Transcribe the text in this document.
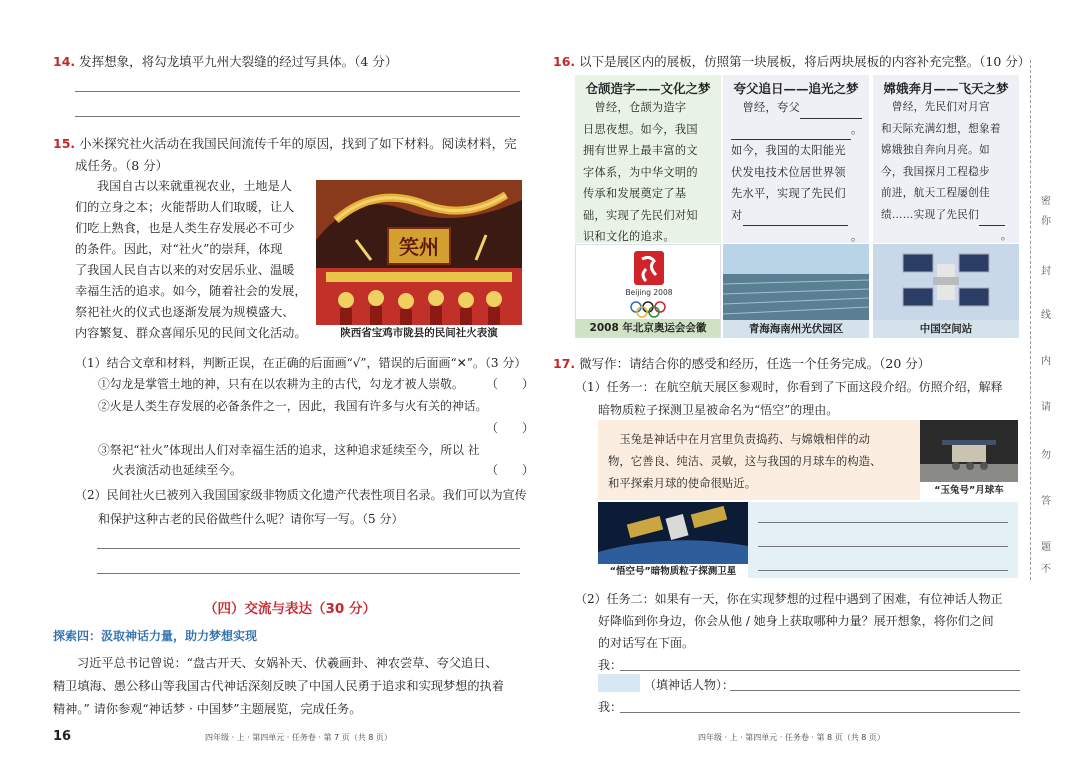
14. 发挥想象，将勾龙填平九州大裂缝的经过写具体。（4 分）
15. 小米探究社火活动在我国民间流传千年的原因，找到了如下材料。阅读材料，完
成任务。（8 分）
我国自古以来就重视农业，土地是人
们的立身之本；火能帮助人们取暖，让人
们吃上熟食，也是人类生存发展必不可少
的条件。因此，对“社火”的崇拜，体现
了我国人民自古以来的对安居乐业、温暖
幸福生活的追求。如今，随着社会的发展，
祭祀社火的仪式也逐渐发展为规模盛大、
内容繁复、群众喜闻乐见的民间文化活动。
笑州
陕西省宝鸡市陇县的民间社火表演
（1）结合文章和材料，判断正误，在正确的后面画“√”，错误的后面画“✕”。（3 分）
①勾龙是掌管土地的神，只有在以农耕为主的古代，勾龙才被人崇敬。 （　　）
②火是人类生存发展的必备条件之一，因此，我国有许多与火有关的神话。
（　　）
③祭祀“社火”体现出人们对幸福生活的追求，这种追求延续至今，所以 社
火表演活动也延续至今。	（　　）
（2）民间社火已被列入我国国家级非物质文化遗产代表性项目名录。我们可以为宣传
和保护这种古老的民俗做些什么呢？请你写一写。（5 分）
（四）交流与表达（30 分）
探索四：汲取神话力量，助力梦想实现
习近平总书记曾说：“盘古开天、女娲补天、伏羲画卦、神农尝草、夸父追日、
精卫填海、愚公移山等我国古代神话深刻反映了中国人民勇于追求和实现梦想的执着
精神。” 请你参观“神话梦 · 中国梦”主题展览，完成任务。
16	四年级 · 上 · 第四单元 · 任务卷 · 第 7 页（共 8 页）
16. 以下是展区内的展板，仿照第一块展板，将后两块展板的内容补充完整。（10 分）
仓颉造字——文化之梦
　曾经，仓颉为造字
日思夜想。如今，我国
拥有世界上最丰富的文
字体系，为中华文明的
传承和发展奠定了基
础，实现了先民们对知
识和文化的追求。
夸父追日——追光之梦
　曾经，夸父
。
如今，我国的太阳能光
伏发电技术位居世界领
先水平，实现了先民们
对
。
嫦娥奔月——飞天之梦
　曾经，先民们对月宫
和天际充满幻想，想象着
嫦娥独自奔向月亮。如
今，我国探月工程稳步
前进，航天工程屡创佳
绩……实现了先民们
。
Beijing 2008
2008 年北京奥运会会徽	青海海南州光伏园区	中国空间站
17. 微写作：请结合你的感受和经历，任选一个任务完成。（20 分）
（1）任务一：在航空航天展区参观时，你看到了下面这段介绍。仿照介绍，解释
暗物质粒子探测卫星被命名为“悟空”的理由。
　玉兔是神话中在月宫里负责捣药、与嫦娥相伴的动
物，它善良、纯洁、灵敏，这与我国的月球车的构造、
和平探索月球的使命很贴近。
“玉兔号”月球车
“悟空号”暗物质粒子探测卫星
（2）任务二：如果有一天，你在实现梦想的过程中遇到了困难，有位神话人物正
好降临到你身边，你会从他 / 她身上获取哪种力量？展开想象，将你们之间
的对话写在下面。
我：
（填神话人物）：
我：
四年级 · 上 · 第四单元 · 任务卷 · 第 8 页（共 8 页）
密
你
封
线
内
请
勿
答
题
不
